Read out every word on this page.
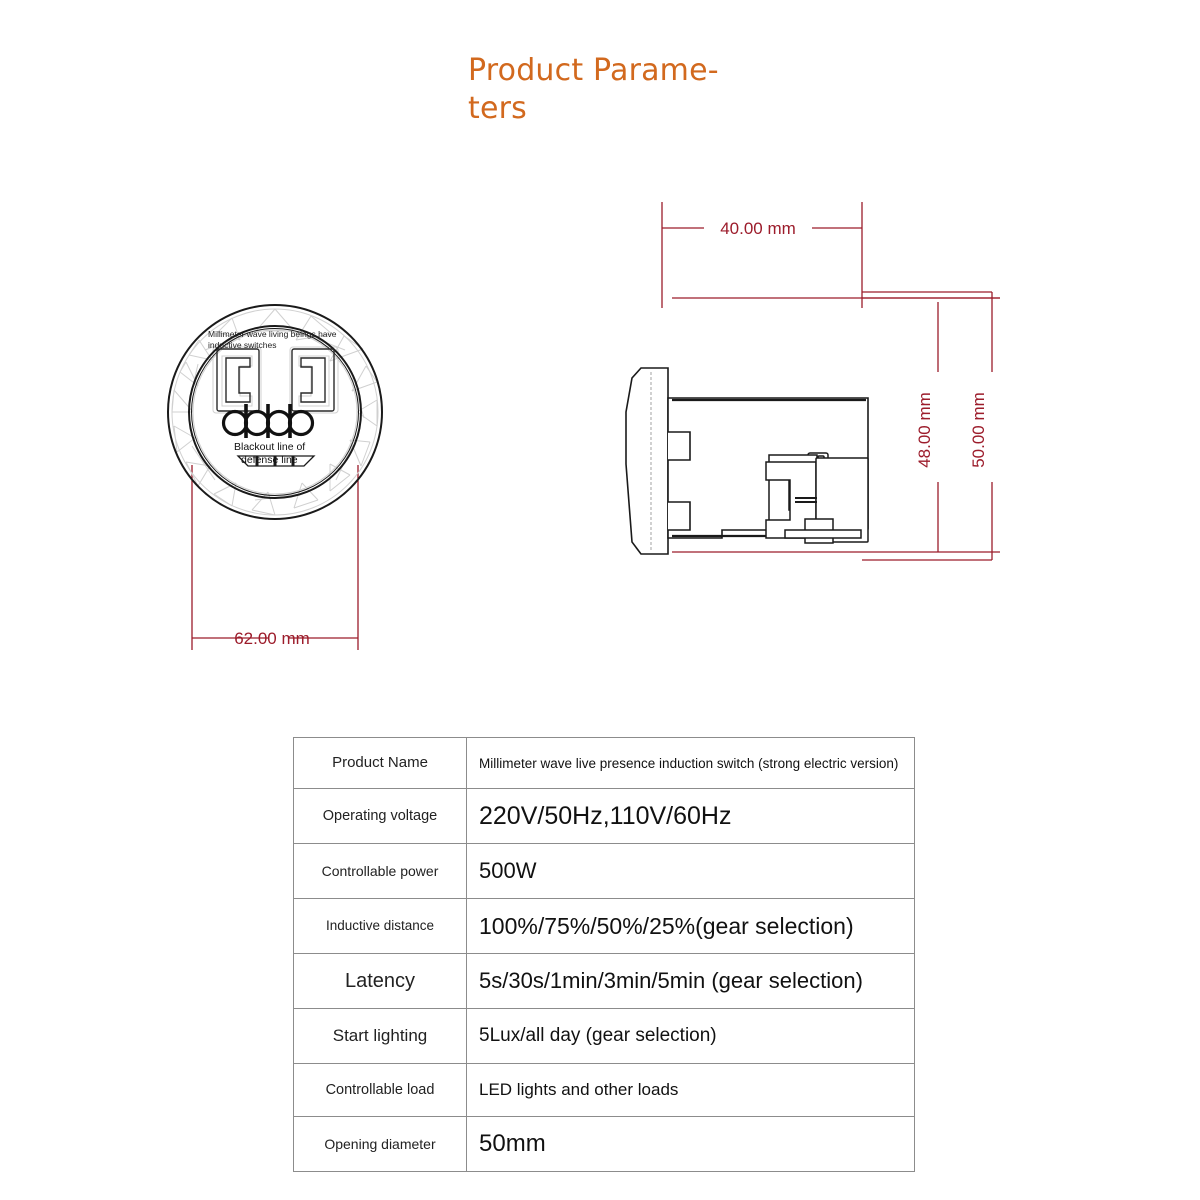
Product Parame-
ters
Millimeter wave living beings have
inductive switches
Blackout line of
defense line
62.00 mm
48.00 mm 50.00 mm
40.00 mm
Product Name	Millimeter wave live presence induction switch (strong electric version)
Operating voltage	220V/50Hz,110V/60Hz
Controllable power	500W
Inductive distance	100%/75%/50%/25%(gear selection)
Latency	5s/30s/1min/3min/5min (gear selection)
Start lighting	5Lux/all day (gear selection)
Controllable load	LED lights and other loads
Opening diameter	50mm
